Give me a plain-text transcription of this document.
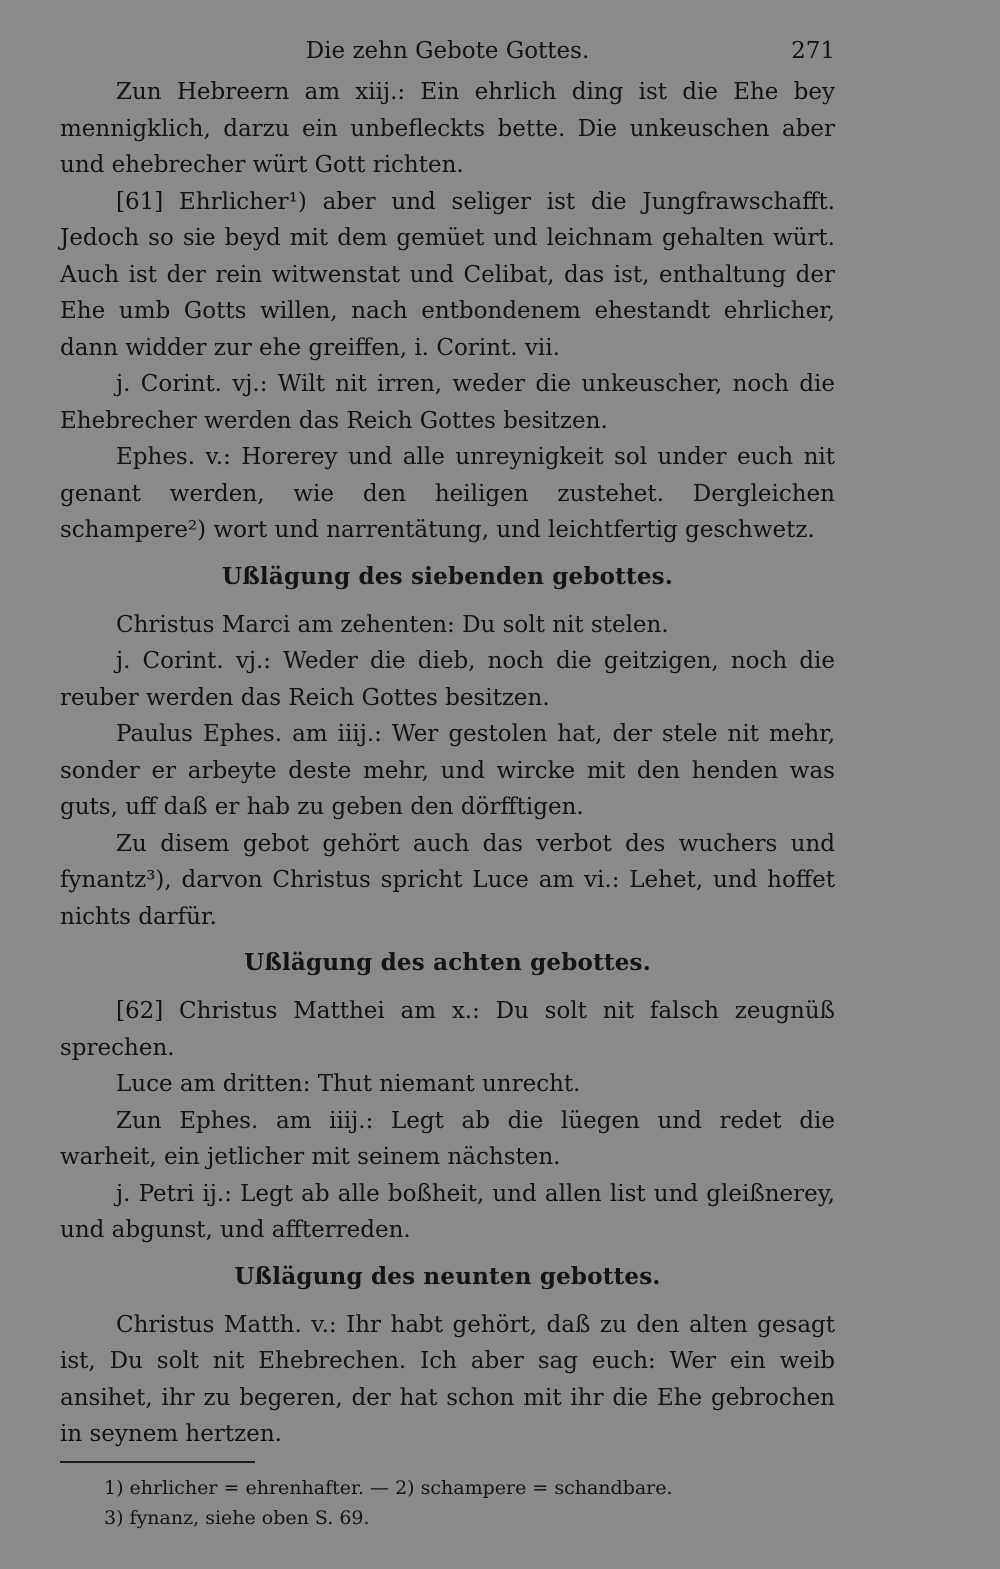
Die zehn Gebote Gottes.	271

Zun Hebreern am xiij.: Ein ehrlich ding ist die Ehe bey mennigklich, darzu ein unbefleckts bette. Die unkeuschen aber und ehebrecher würt Gott richten.

[61] Ehrlicher¹) aber und seliger ist die Jungfrawschafft. Jedoch so sie beyd mit dem gemüet und leichnam gehalten würt. Auch ist der rein witwenstat und Celibat, das ist, enthaltung der Ehe umb Gotts willen, nach entbondenem ehestandt ehrlicher, dann widder zur ehe greiffen, i. Corint. vii.

j. Corint. vj.: Wilt nit irren, weder die unkeuscher, noch die Ehebrecher werden das Reich Gottes besitzen.

Ephes. v.: Horerey und alle unreynigkeit sol under euch nit genant werden, wie den heiligen zustehet. Dergleichen schampere²) wort und narrentätung, und leichtfertig geschwetz.

Ußlägung des siebenden gebottes.

Christus Marci am zehenten: Du solt nit stelen.

j. Corint. vj.: Weder die dieb, noch die geitzigen, noch die reuber werden das Reich Gottes besitzen.

Paulus Ephes. am iiij.: Wer gestolen hat, der stele nit mehr, sonder er arbeyte deste mehr, und wircke mit den henden was guts, uff daß er hab zu geben den dörfftigen.

Zu disem gebot gehört auch das verbot des wuchers und fynantz³), darvon Christus spricht Luce am vi.: Lehet, und hoffet nichts darfür.

Ußlägung des achten gebottes.

[62] Christus Matthei am x.: Du solt nit falsch zeugnüß sprechen.

Luce am dritten: Thut niemant unrecht.

Zun Ephes. am iiij.: Legt ab die lüegen und redet die warheit, ein jetlicher mit seinem nächsten.

j. Petri ij.: Legt ab alle boßheit, und allen list und gleißnerey, und abgunst, und affterreden.

Ußlägung des neunten gebottes.

Christus Matth. v.: Ihr habt gehört, daß zu den alten gesagt ist, Du solt nit Ehebrechen. Ich aber sag euch: Wer ein weib ansihet, ihr zu begeren, der hat schon mit ihr die Ehe gebrochen in seynem hertzen.

1) ehrlicher = ehrenhafter. — 2) schampere = schandbare.

3) fynanz, siehe oben S. 69.
